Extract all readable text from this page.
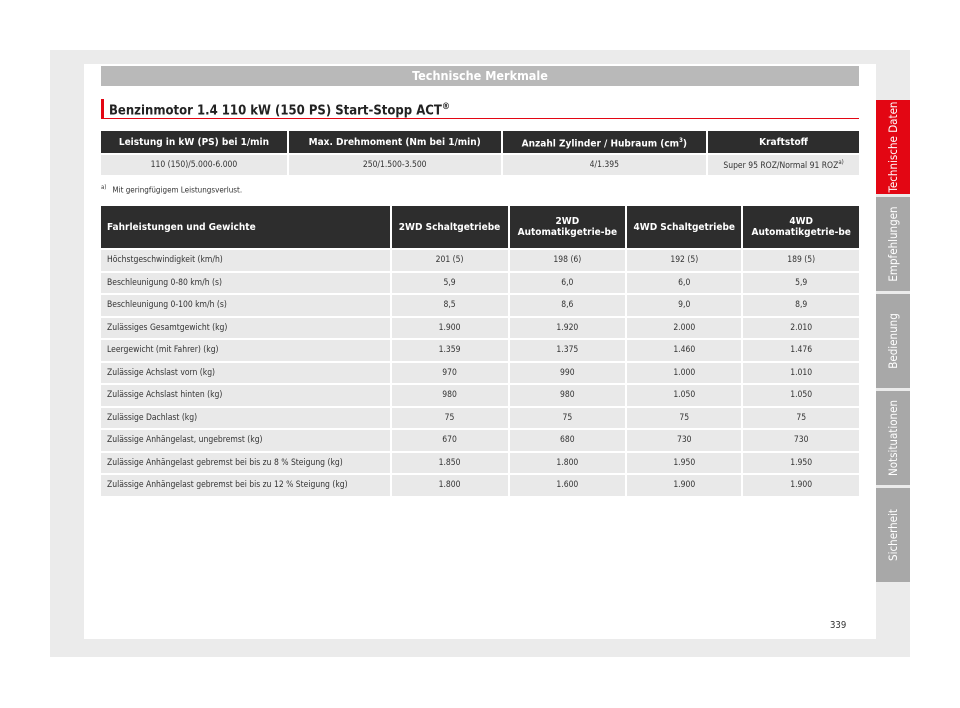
Technische Merkmale
Benzinmotor 1.4 110 kW (150 PS) Start-Stopp ACT®
Leistung in kW (PS) bei 1/min	Max. Drehmoment (Nm bei 1/min)	Anzahl Zylinder / Hubraum (cm$^3$)	Kraftstoff
110 (150)/5.000-6.000	250/1.500-3.500	4/1.395	Super 95 ROZ/Normal 91 ROZ$^{a)}$
$^{a)}$ Mit geringfügigem Leistungsverlust.
Fahrleistungen und Gewichte	2WD Schaltgetriebe	2WD Automatikgetrie-be	4WD Schaltgetriebe	4WD Automatikgetrie-be
Höchstgeschwindigkeit (km/h)	201 (5)	198 (6)	192 (5)	189 (5)
Beschleunigung 0-80 km/h (s)	5,9	6,0	6,0	5,9
Beschleunigung 0-100 km/h (s)	8,5	8,6	9,0	8,9
Zulässiges Gesamtgewicht (kg)	1.900	1.920	2.000	2.010
Leergewicht (mit Fahrer) (kg)	1.359	1.375	1.460	1.476
Zulässige Achslast vorn (kg)	970	990	1.000	1.010
Zulässige Achslast hinten (kg)	980	980	1.050	1.050
Zulässige Dachlast (kg)	75	75	75	75
Zulässige Anhängelast, ungebremst (kg)	670	680	730	730
Zulässige Anhängelast gebremst bei bis zu 8 % Steigung (kg)	1.850	1.800	1.950	1.950
Zulässige Anhängelast gebremst bei bis zu 12 % Steigung (kg)	1.800	1.600	1.900	1.900
Technische Daten
Empfehlungen
Bedienung
Notsituationen
Sicherheit
339
